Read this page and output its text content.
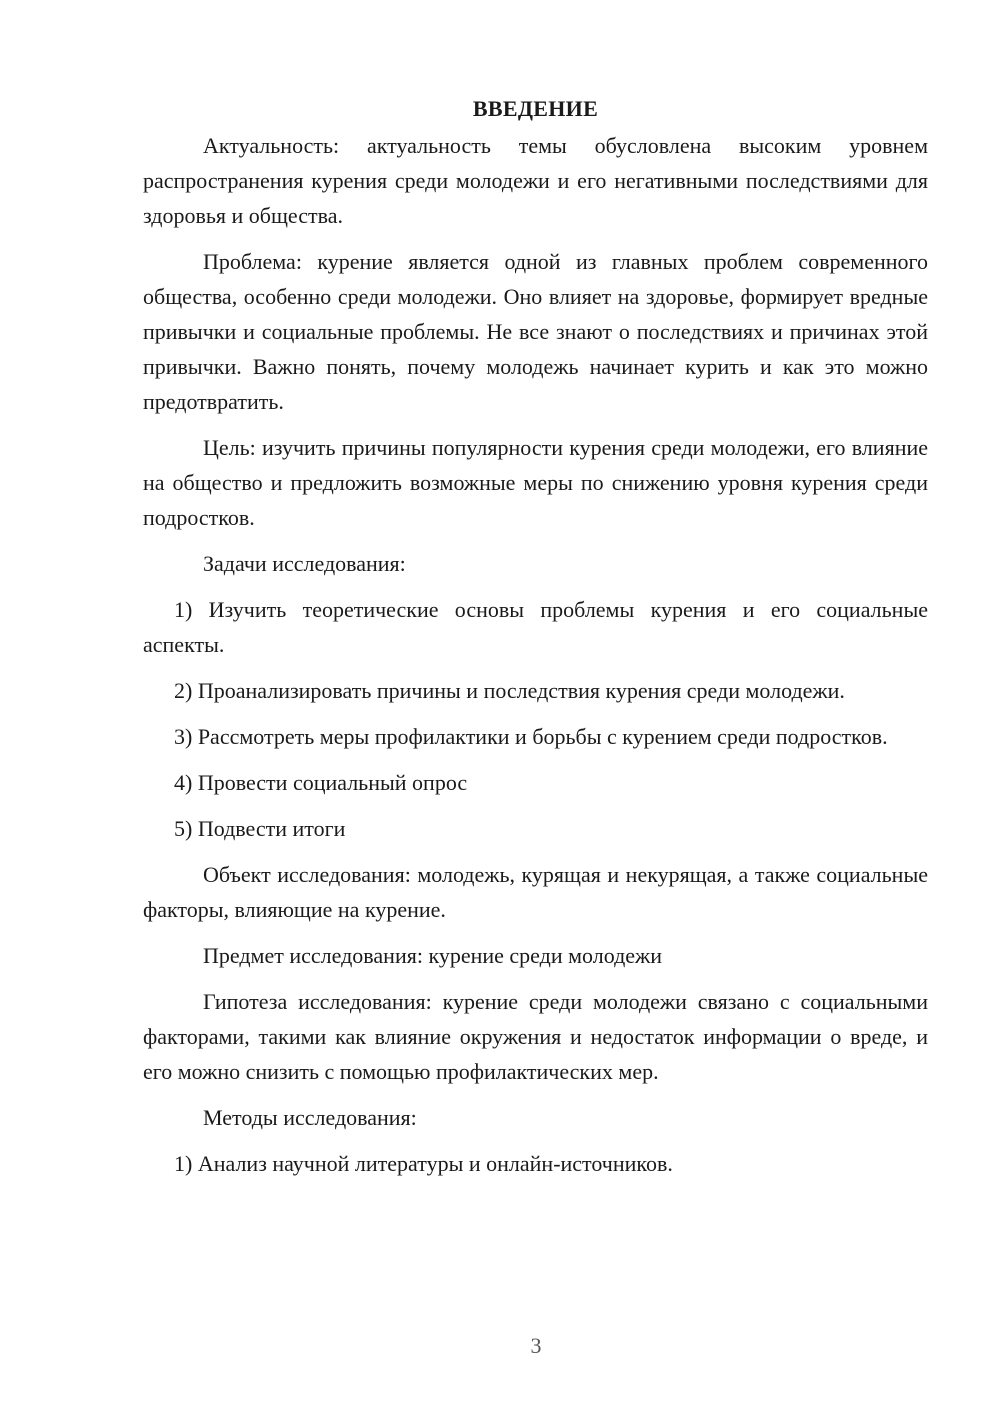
ВВЕДЕНИЕ

Актуальность: актуальность темы обусловлена высоким уровнем распространения курения среди молодежи и его негативными последствиями для здоровья и общества.

Проблема: курение является одной из главных проблем современного общества, особенно среди молодежи. Оно влияет на здоровье, формирует вредные привычки и социальные проблемы. Не все знают о последствиях и причинах этой привычки. Важно понять, почему молодежь начинает курить и как это можно предотвратить.

Цель: изучить причины популярности курения среди молодежи, его влияние на общество и предложить возможные меры по снижению уровня курения среди подростков.

Задачи исследования:

1) Изучить теоретические основы проблемы курения и его социальные аспекты.

2) Проанализировать причины и последствия курения среди молодежи.

3) Рассмотреть меры профилактики и борьбы с курением среди подростков.

4) Провести социальный опрос

5) Подвести итоги

Объект исследования: молодежь, курящая и некурящая, а также социальные факторы, влияющие на курение.

Предмет исследования: курение среди молодежи

Гипотеза исследования: курение среди молодежи связано с социальными факторами, такими как влияние окружения и недостаток информации о вреде, и его можно снизить с помощью профилактических мер.

Методы исследования:

1) Анализ научной литературы и онлайн-источников.

3
